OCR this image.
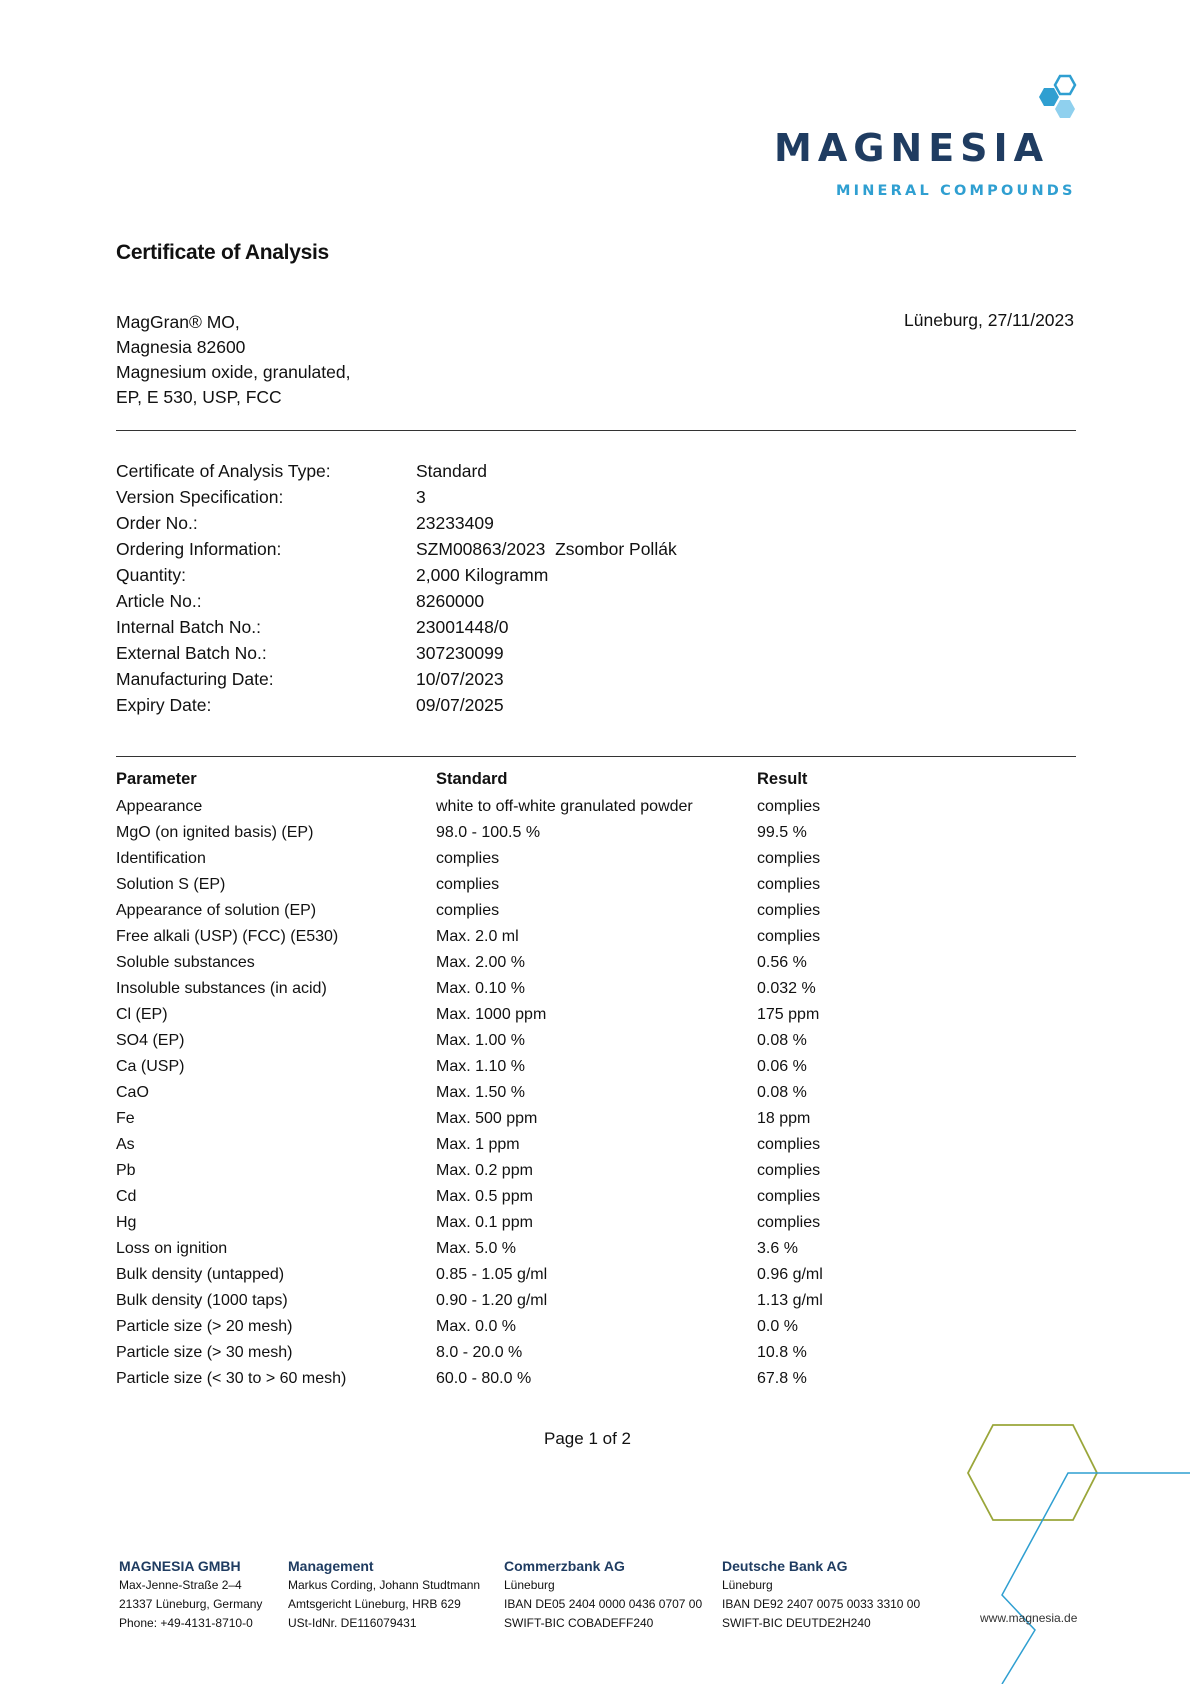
MAGNESIA
MINERAL COMPOUNDS
Certificate of Analysis
MagGran® MO,
Magnesia 82600
Magnesium oxide, granulated,
EP, E 530, USP, FCC
Lüneburg, 27/11/2023
Certificate of Analysis Type:	Standard
Version Specification:	3
Order No.:	23233409
Ordering Information:	SZM00863/2023  Zsombor Pollák
Quantity:	2,000 Kilogramm
Article No.:	8260000
Internal Batch No.:	23001448/0
External Batch No.:	307230099
Manufacturing Date:	10/07/2023
Expiry Date:	09/07/2025
Parameter	Standard	Result
Appearance	white to off-white granulated powder	complies
MgO (on ignited basis) (EP)	98.0 - 100.5 %	99.5 %
Identification	complies	complies
Solution S (EP)	complies	complies
Appearance of solution (EP)	complies	complies
Free alkali (USP) (FCC) (E530)	Max. 2.0 ml	complies
Soluble substances	Max. 2.00 %	0.56 %
Insoluble substances (in acid)	Max. 0.10 %	0.032 %
Cl (EP)	Max. 1000 ppm	175 ppm
SO4 (EP)	Max. 1.00 %	0.08 %
Ca (USP)	Max. 1.10 %	0.06 %
CaO	Max. 1.50 %	0.08 %
Fe	Max. 500 ppm	18 ppm
As	Max. 1 ppm	complies
Pb	Max. 0.2 ppm	complies
Cd	Max. 0.5 ppm	complies
Hg	Max. 0.1 ppm	complies
Loss on ignition	Max. 5.0 %	3.6 %
Bulk density (untapped)	0.85 - 1.05 g/ml	0.96 g/ml
Bulk density (1000 taps)	0.90 - 1.20 g/ml	1.13 g/ml
Particle size (> 20 mesh)	Max. 0.0 %	0.0 %
Particle size (> 30 mesh)	8.0 - 20.0 %	10.8 %
Particle size (< 30 to > 60 mesh)	60.0 - 80.0 %	67.8 %
Page 1 of 2
MAGNESIA GMBH
Max-Jenne-Straße 2–4
21337 Lüneburg, Germany
Phone: +49-4131-8710-0
Management
Markus Cording, Johann Studtmann
Amtsgericht Lüneburg, HRB 629
USt-IdNr. DE116079431
Commerzbank AG
Lüneburg
IBAN DE05 2404 0000 0436 0707 00
SWIFT-BIC COBADEFF240
Deutsche Bank AG
Lüneburg
IBAN DE92 2407 0075 0033 3310 00
SWIFT-BIC DEUTDE2H240	www.magnesia.de
